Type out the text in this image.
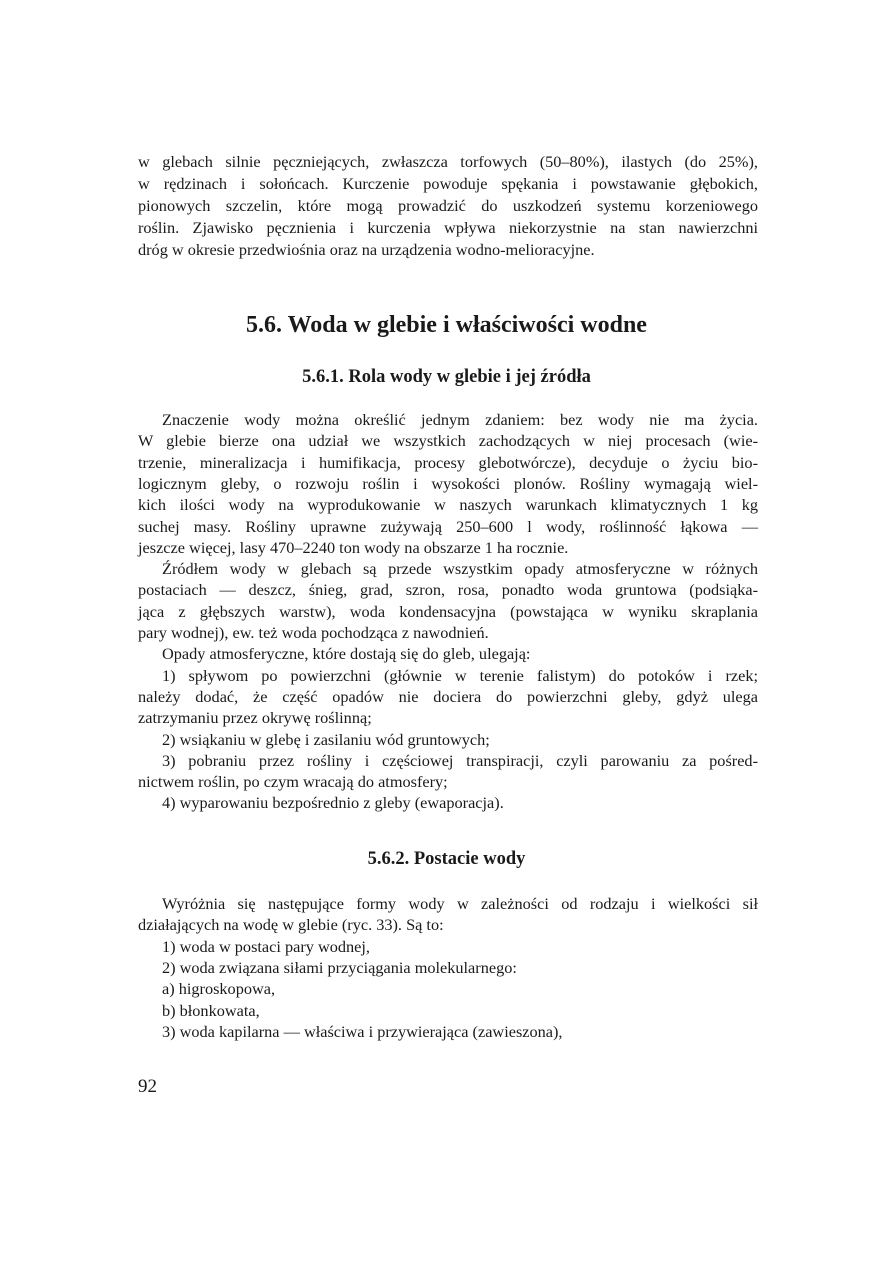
5.6. Woda w glebie i właściwości wodne
5.6.1. Rola wody w glebie i jej źródła
5.6.2. Postacie wody
92
w glebach silnie pęczniejących, zwłaszcza torfowych (50–80%), ilastych (do 25%),
w rędzinach i sołońcach. Kurczenie powoduje spękania i powstawanie głębokich,
pionowych szczelin, które mogą prowadzić do uszkodzeń systemu korzeniowego
roślin. Zjawisko pęcznienia i kurczenia wpływa niekorzystnie na stan nawierzchni
dróg w okresie przedwiośnia oraz na urządzenia wodno-melioracyjne.
Znaczenie wody można określić jednym zdaniem: bez wody nie ma życia.
W glebie bierze ona udział we wszystkich zachodzących w niej procesach (wie-
trzenie, mineralizacja i humifikacja, procesy glebotwórcze), decyduje o życiu bio-
logicznym gleby, o rozwoju roślin i wysokości plonów. Rośliny wymagają wiel-
kich ilości wody na wyprodukowanie w naszych warunkach klimatycznych 1 kg
suchej masy. Rośliny uprawne zużywają 250–600 l wody, roślinność łąkowa —
jeszcze więcej, lasy 470–2240 ton wody na obszarze 1 ha rocznie.
Źródłem wody w glebach są przede wszystkim opady atmosferyczne w różnych
postaciach — deszcz, śnieg, grad, szron, rosa, ponadto woda gruntowa (podsiąka-
jąca z głębszych warstw), woda kondensacyjna (powstająca w wyniku skraplania
pary wodnej), ew. też woda pochodząca z nawodnień.
Opady atmosferyczne, które dostają się do gleb, ulegają:
1) spływom po powierzchni (głównie w terenie falistym) do potoków i rzek;
należy dodać, że część opadów nie dociera do powierzchni gleby, gdyż ulega
zatrzymaniu przez okrywę roślinną;
2) wsiąkaniu w glebę i zasilaniu wód gruntowych;
3) pobraniu przez rośliny i częściowej transpiracji, czyli parowaniu za pośred-
nictwem roślin, po czym wracają do atmosfery;
4) wyparowaniu bezpośrednio z gleby (ewaporacja).
Wyróżnia się następujące formy wody w zależności od rodzaju i wielkości sił
działających na wodę w glebie (ryc. 33). Są to:
1) woda w postaci pary wodnej,
2) woda związana siłami przyciągania molekularnego:
a) higroskopowa,
b) błonkowata,
3) woda kapilarna — właściwa i przywierająca (zawieszona),
